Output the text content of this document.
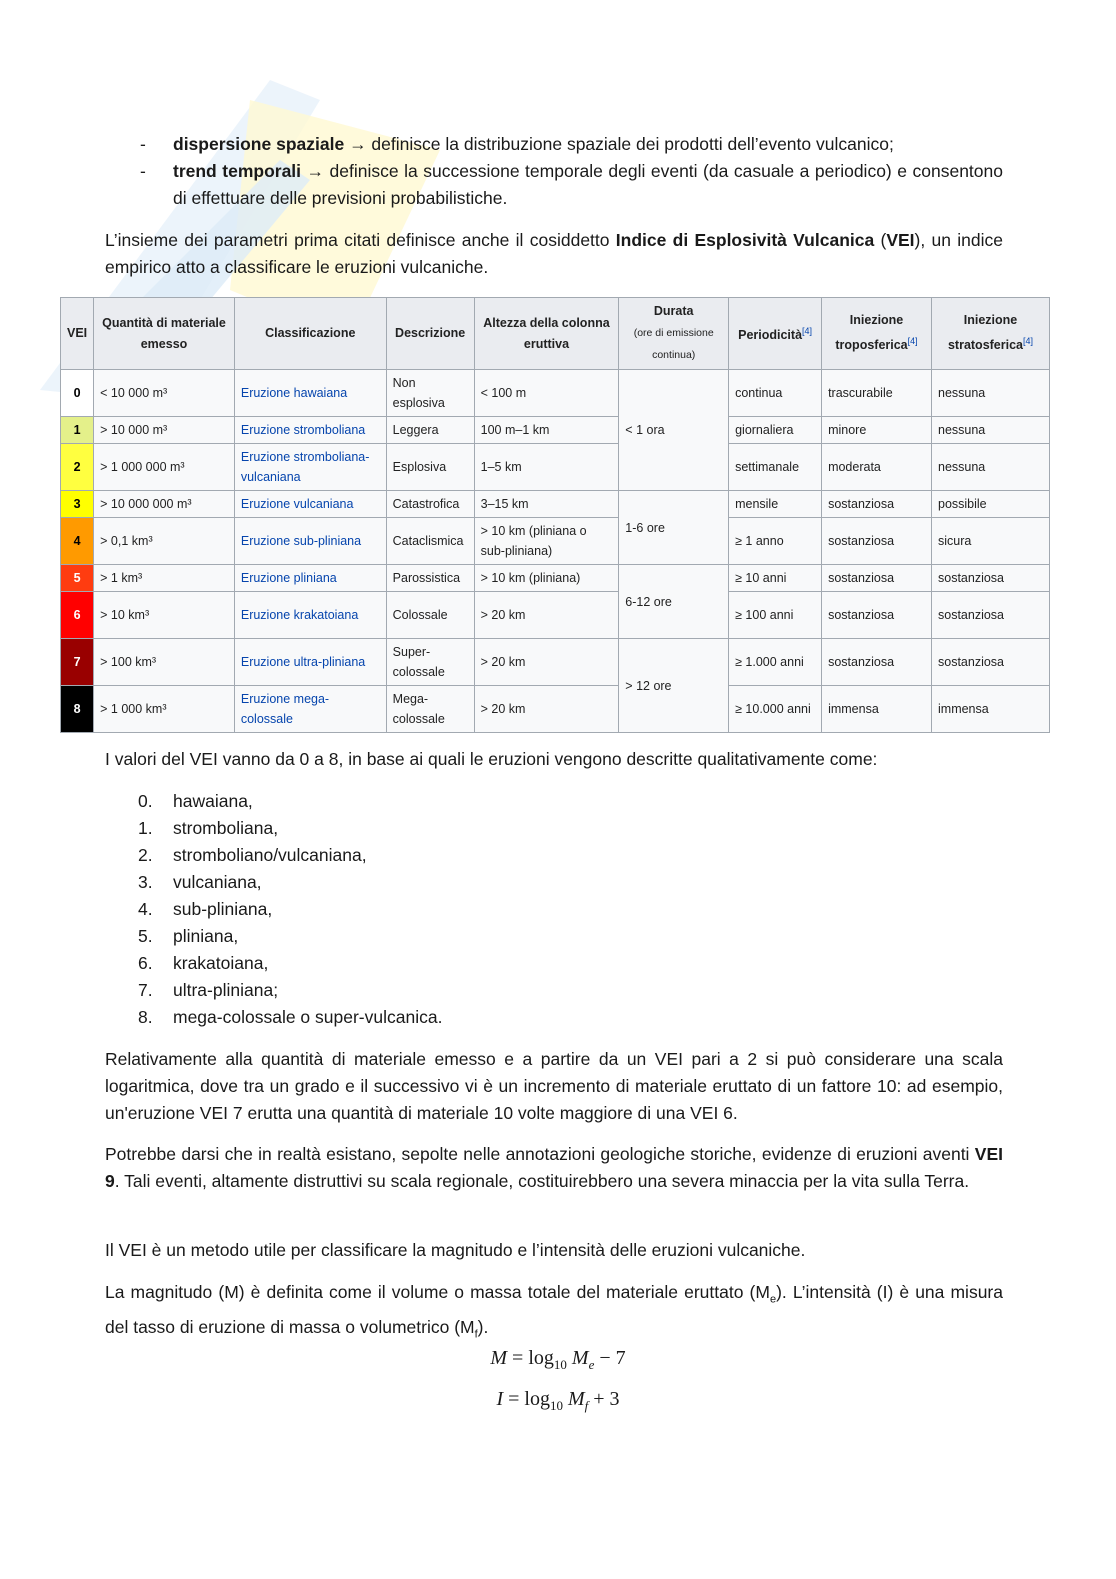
-	dispersione spaziale → definisce la distribuzione spaziale dei prodotti dell’evento vulcanico;
-	trend temporali → definisce la successione temporale degli eventi (da casuale a periodico) e consentono di effettuare delle previsioni probabilistiche.
L’insieme dei parametri prima citati definisce anche il cosiddetto Indice di Esplosività Vulcanica (VEI), un indice empirico atto a classificare le eruzioni vulcaniche.
VEI	Quantità di materiale emesso	Classificazione	Descrizione	Altezza della colonna eruttiva	Durata
(ore di emissione continua)	Periodicità[4]	Iniezione troposferica[4]	Iniezione stratosferica[4]
0	< 10 000 m³	Eruzione hawaiana	Non esplosiva	< 100 m	< 1 ora	continua	trascurabile	nessuna
1	> 10 000 m³	Eruzione stromboliana	Leggera	100 m–1 km		giornaliera	minore	nessuna
2	> 1 000 000 m³	Eruzione stromboliana-vulcaniana	Esplosiva	1–5 km		settimanale	moderata	nessuna
3	> 10 000 000 m³	Eruzione vulcaniana	Catastrofica	3–15 km	1-6 ore	mensile	sostanziosa	possibile
4	> 0,1 km³	Eruzione sub-pliniana	Cataclismica	> 10 km (pliniana o sub-pliniana)		≥ 1 anno	sostanziosa	sicura
5	> 1 km³	Eruzione pliniana	Parossistica	> 10 km (pliniana)	6-12 ore	≥ 10 anni	sostanziosa	sostanziosa
6	> 10 km³	Eruzione krakatoiana	Colossale	> 20 km		≥ 100 anni	sostanziosa	sostanziosa
7	> 100 km³	Eruzione ultra-pliniana	Super-colossale	> 20 km	> 12 ore	≥ 1.000 anni	sostanziosa	sostanziosa
8	> 1 000 km³	Eruzione mega-colossale	Mega-colossale	> 20 km		≥ 10.000 anni	immensa	immensa
I valori del VEI vanno da 0 a 8, in base ai quali le eruzioni vengono descritte qualitativamente come:
0.	hawaiana,
1.	stromboliana,
2.	stromboliano/vulcaniana,
3.	vulcaniana,
4.	sub-pliniana,
5.	pliniana,
6.	krakatoiana,
7.	ultra-pliniana;
8.	mega-colossale o super-vulcanica.
Relativamente alla quantità di materiale emesso e a partire da un VEI pari a 2 si può considerare una scala logaritmica, dove tra un grado e il successivo vi è un incremento di materiale eruttato di un fattore 10: ad esempio, un'eruzione VEI 7 erutta una quantità di materiale 10 volte maggiore di una VEI 6.
Potrebbe darsi che in realtà esistano, sepolte nelle annotazioni geologiche storiche, evidenze di eruzioni aventi VEI 9. Tali eventi, altamente distruttivi su scala regionale, costituirebbero una severa minaccia per la vita sulla Terra.
Il VEI è un metodo utile per classificare la magnitudo e l’intensità delle eruzioni vulcaniche.
La magnitudo (M) è definita come il volume o massa totale del materiale eruttato $(M_e)$. L’intensità (I) è una misura del tasso di eruzione di massa o volumetrico $(M_f)$.
$M = \log_{10} M_e - 7$
$I = \log_{10} M_f + 3$
